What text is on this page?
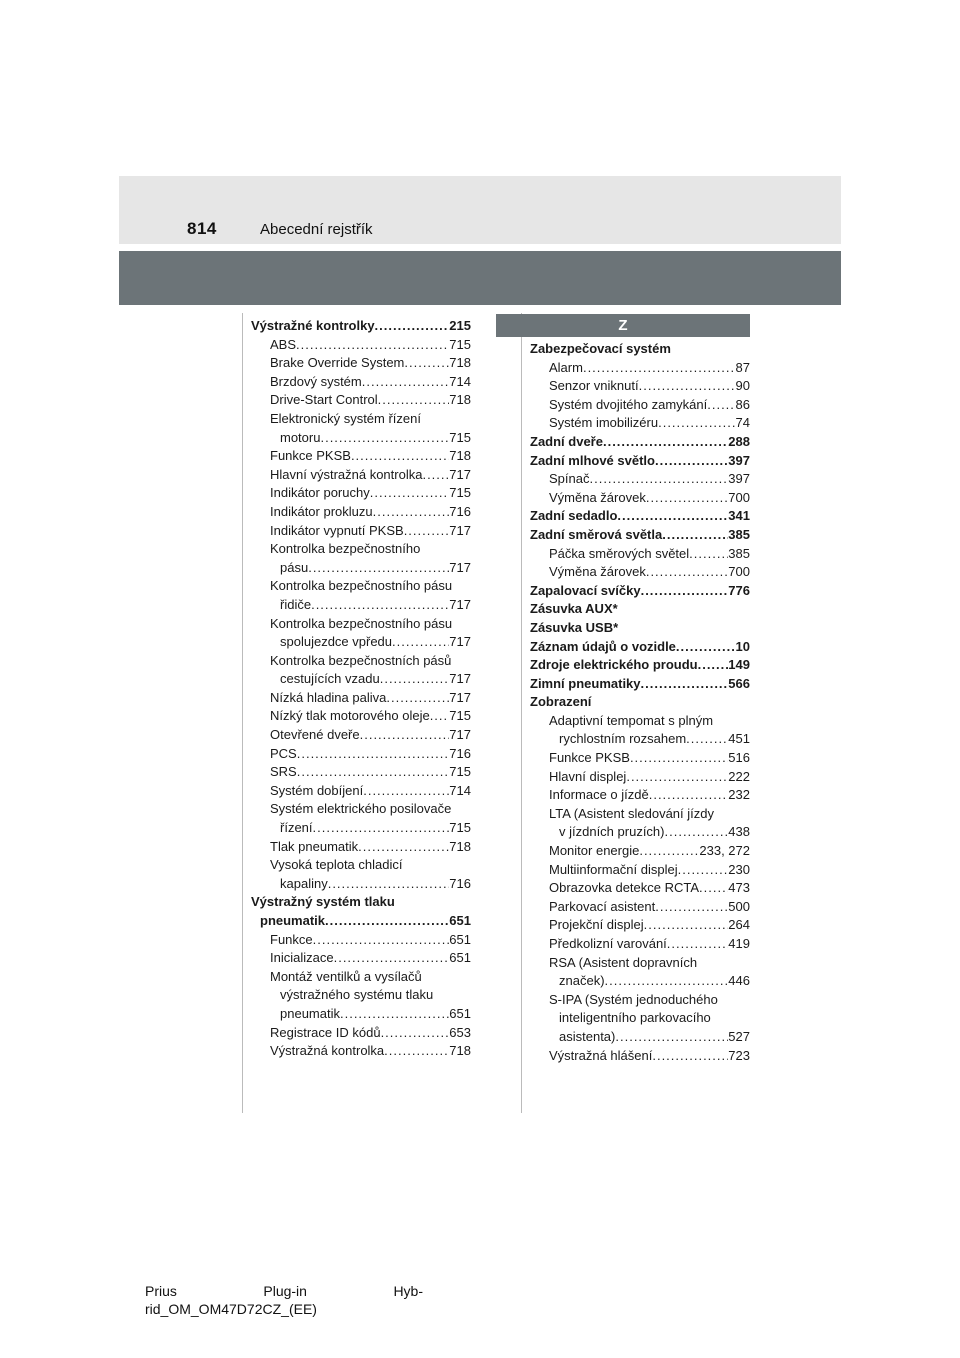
814	Abecední rejstřík
Z
Výstražné kontrolky .....	215
ABS .....	715
Brake Override System .....	718
Brzdový systém .....	714
Drive-Start Control .....	718
Elektronický systém řízení
motoru .....	715
Funkce PKSB .....	718
Hlavní výstražná kontrolka ..... 717
Indikátor poruchy .....	715
Indikátor prokluzu .....	716
Indikátor vypnutí PKSB .....	717
Kontrolka bezpečnostního
pásu .....	717
Kontrolka bezpečnostního pásu
řidiče .....	717
Kontrolka bezpečnostního pásu
spolujezdce vpředu .....	717
Kontrolka bezpečnostních pásů
cestujících vzadu .....	717
Nízká hladina paliva .....	717
Nízký tlak motorového oleje ..... 715
Otevřené dveře .....	717
PCS .....	716
SRS .....	715
Systém dobíjení .....	714
Systém elektrického posilovače
řízení .....	715
Tlak pneumatik .....	718
Vysoká teplota chladicí
kapaliny .....	716
Výstražný systém tlaku
pneumatik .....	651
Funkce .....	651
Inicializace .....	651
Montáž ventilků a vysílačů
výstražného systému tlaku
pneumatik .....	651
Registrace ID kódů .....	653
Výstražná kontrolka .....	718
Zabezpečovací systém
Alarm .....	87
Senzor vniknutí .....	90
Systém dvojitého zamykání ..... 86
Systém imobilizéru .....	74
Zadní dveře .....	288
Zadní mlhové světlo .....	397
Spínač .....	397
Výměna žárovek .....	700
Zadní sedadlo .....	341
Zadní směrová světla .....	385
Páčka směrových světel .....	385
Výměna žárovek .....	700
Zapalovací svíčky .....	776
Zásuvka AUX*
Zásuvka USB*
Záznam údajů o vozidle .....	10
Zdroje elektrického proudu ..... 149
Zimní pneumatiky .....	566
Zobrazení
Adaptivní tempomat s plným
rychlostním rozsahem .....	451
Funkce PKSB .....	516
Hlavní displej .....	222
Informace o jízdě .....	232
LTA (Asistent sledování jízdy
v jízdních pruzích) .....	438
Monitor energie .....	233, 272
Multiinformační displej .....	230
Obrazovka detekce RCTA ..... 473
Parkovací asistent .....	500
Projekční displej .....	264
Předkolizní varování .....	419
RSA (Asistent dopravních
značek) .....	446
S-IPA (Systém jednoduchého
inteligentního parkovacího
asistenta) .....	527
Výstražná hlášení .....	723
Prius	Plug-in	Hyb-
rid_OM_OM47D72CZ_(EE)
